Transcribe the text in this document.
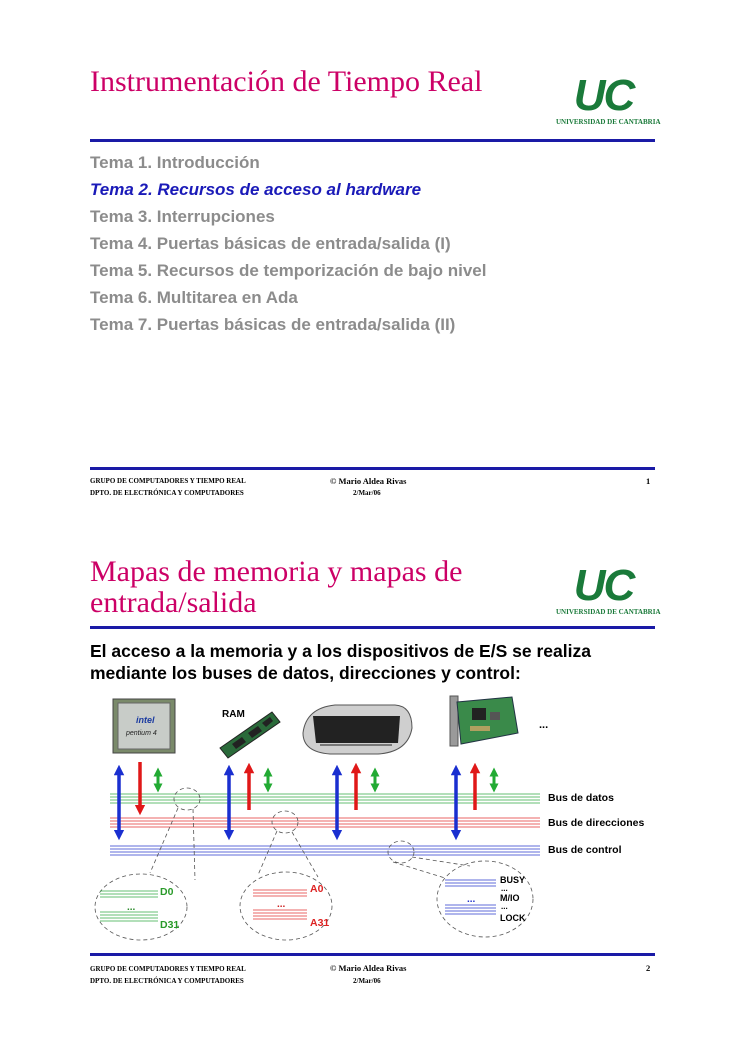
Instrumentación de Tiempo Real	UC
UNIVERSIDAD DE CANTABRIA
Tema 1. Introducción
Tema 2. Recursos de acceso al hardware
Tema 3. Interrupciones
Tema 4. Puertas básicas de entrada/salida (I)
Tema 5. Recursos de temporización de bajo nivel
Tema 6. Multitarea en Ada
Tema 7. Puertas básicas de entrada/salida (II)
GRUPO DE COMPUTADORES Y TIEMPO REAL
DPTO. DE ELECTRÓNICA Y COMPUTADORES
© Mario Aldea Rivas
2/Mar/06
1
Mapas de memoria y mapas de
entrada/salida	UC
UNIVERSIDAD DE CANTABRIA
El acceso a la memoria y a los dispositivos de E/S se realiza
mediante los buses de datos, direcciones y control:
intel
pentium 4
RAM
...
Bus de datos
Bus de direcciones
Bus de control
...
D0
D31
...
A0
A31
...
BUSY
...
M/IO
...
LOCK
GRUPO DE COMPUTADORES Y TIEMPO REAL
DPTO. DE ELECTRÓNICA Y COMPUTADORES
© Mario Aldea Rivas
2/Mar/06
2
